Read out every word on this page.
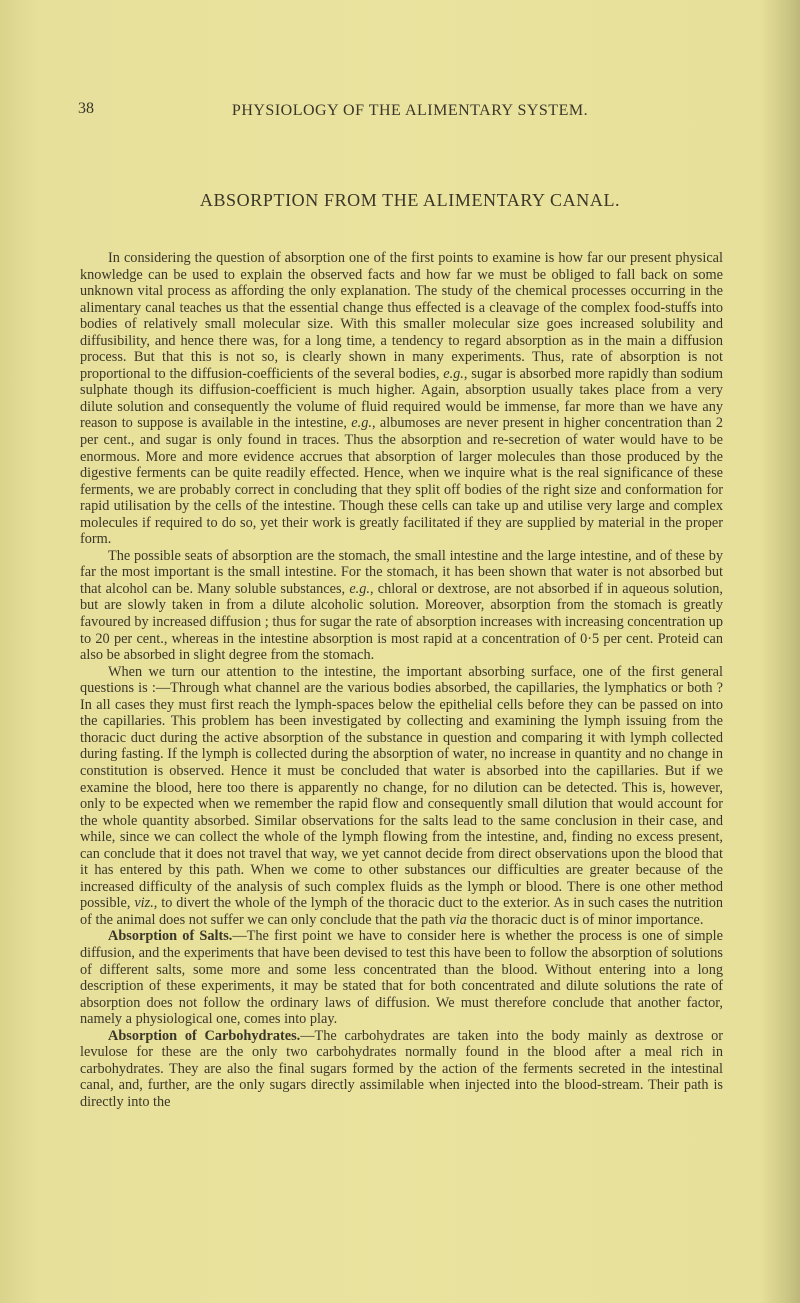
38	PHYSIOLOGY OF THE ALIMENTARY SYSTEM.
ABSORPTION FROM THE ALIMENTARY CANAL.

In considering the question of absorption one of the first points to examine is how far our present physical knowledge can be used to explain the observed facts and how far we must be obliged to fall back on some unknown vital process as affording the only explanation. The study of the chemical processes occurring in the alimentary canal teaches us that the essential change thus effected is a cleavage of the complex food-stuffs into bodies of relatively small molecular size. With this smaller molecular size goes increased solubility and diffusibility, and hence there was, for a long time, a tendency to regard absorption as in the main a diffusion process. But that this is not so, is clearly shown in many experiments. Thus, rate of absorption is not proportional to the diffusion-coefficients of the several bodies, e.g., sugar is absorbed more rapidly than sodium sulphate though its diffusion-coefficient is much higher. Again, absorption usually takes place from a very dilute solution and consequently the volume of fluid required would be immense, far more than we have any reason to suppose is available in the intestine, e.g., albumoses are never present in higher concentration than 2 per cent., and sugar is only found in traces. Thus the absorption and re-secretion of water would have to be enormous. More and more evidence accrues that absorption of larger molecules than those produced by the digestive ferments can be quite readily effected. Hence, when we inquire what is the real significance of these ferments, we are probably correct in concluding that they split off bodies of the right size and conformation for rapid utilisation by the cells of the intestine. Though these cells can take up and utilise very large and complex molecules if required to do so, yet their work is greatly facilitated if they are supplied by material in the proper form.

The possible seats of absorption are the stomach, the small intestine and the large intestine, and of these by far the most important is the small intestine. For the stomach, it has been shown that water is not absorbed but that alcohol can be. Many soluble substances, e.g., chloral or dextrose, are not absorbed if in aqueous solution, but are slowly taken in from a dilute alcoholic solution. Moreover, absorption from the stomach is greatly favoured by increased diffusion ; thus for sugar the rate of absorption increases with increasing concentration up to 20 per cent., whereas in the intestine absorption is most rapid at a concentration of 0·5 per cent. Proteid can also be absorbed in slight degree from the stomach.

When we turn our attention to the intestine, the important absorbing surface, one of the first general questions is :—Through what channel are the various bodies absorbed, the capillaries, the lymphatics or both ? In all cases they must first reach the lymph-spaces below the epithelial cells before they can be passed on into the capillaries. This problem has been investigated by collecting and examining the lymph issuing from the thoracic duct during the active absorption of the substance in question and comparing it with lymph collected during fasting. If the lymph is collected during the absorption of water, no increase in quantity and no change in constitution is observed. Hence it must be concluded that water is absorbed into the capillaries. But if we examine the blood, here too there is apparently no change, for no dilution can be detected. This is, however, only to be expected when we remember the rapid flow and consequently small dilution that would account for the whole quantity absorbed. Similar observations for the salts lead to the same conclusion in their case, and while, since we can collect the whole of the lymph flowing from the intestine, and, finding no excess present, can conclude that it does not travel that way, we yet cannot decide from direct observations upon the blood that it has entered by this path. When we come to other substances our difficulties are greater because of the increased difficulty of the analysis of such complex fluids as the lymph or blood. There is one other method possible, viz., to divert the whole of the lymph of the thoracic duct to the exterior. As in such cases the nutrition of the animal does not suffer we can only conclude that the path via the thoracic duct is of minor importance.

Absorption of Salts.—The first point we have to consider here is whether the process is one of simple diffusion, and the experiments that have been devised to test this have been to follow the absorption of solutions of different salts, some more and some less concentrated than the blood. Without entering into a long description of these experiments, it may be stated that for both concentrated and dilute solutions the rate of absorption does not follow the ordinary laws of diffusion. We must therefore conclude that another factor, namely a physiological one, comes into play.

Absorption of Carbohydrates.—The carbohydrates are taken into the body mainly as dextrose or levulose for these are the only two carbohydrates normally found in the blood after a meal rich in carbohydrates. They are also the final sugars formed by the action of the ferments secreted in the intestinal canal, and, further, are the only sugars directly assimilable when injected into the blood-stream. Their path is directly into the
